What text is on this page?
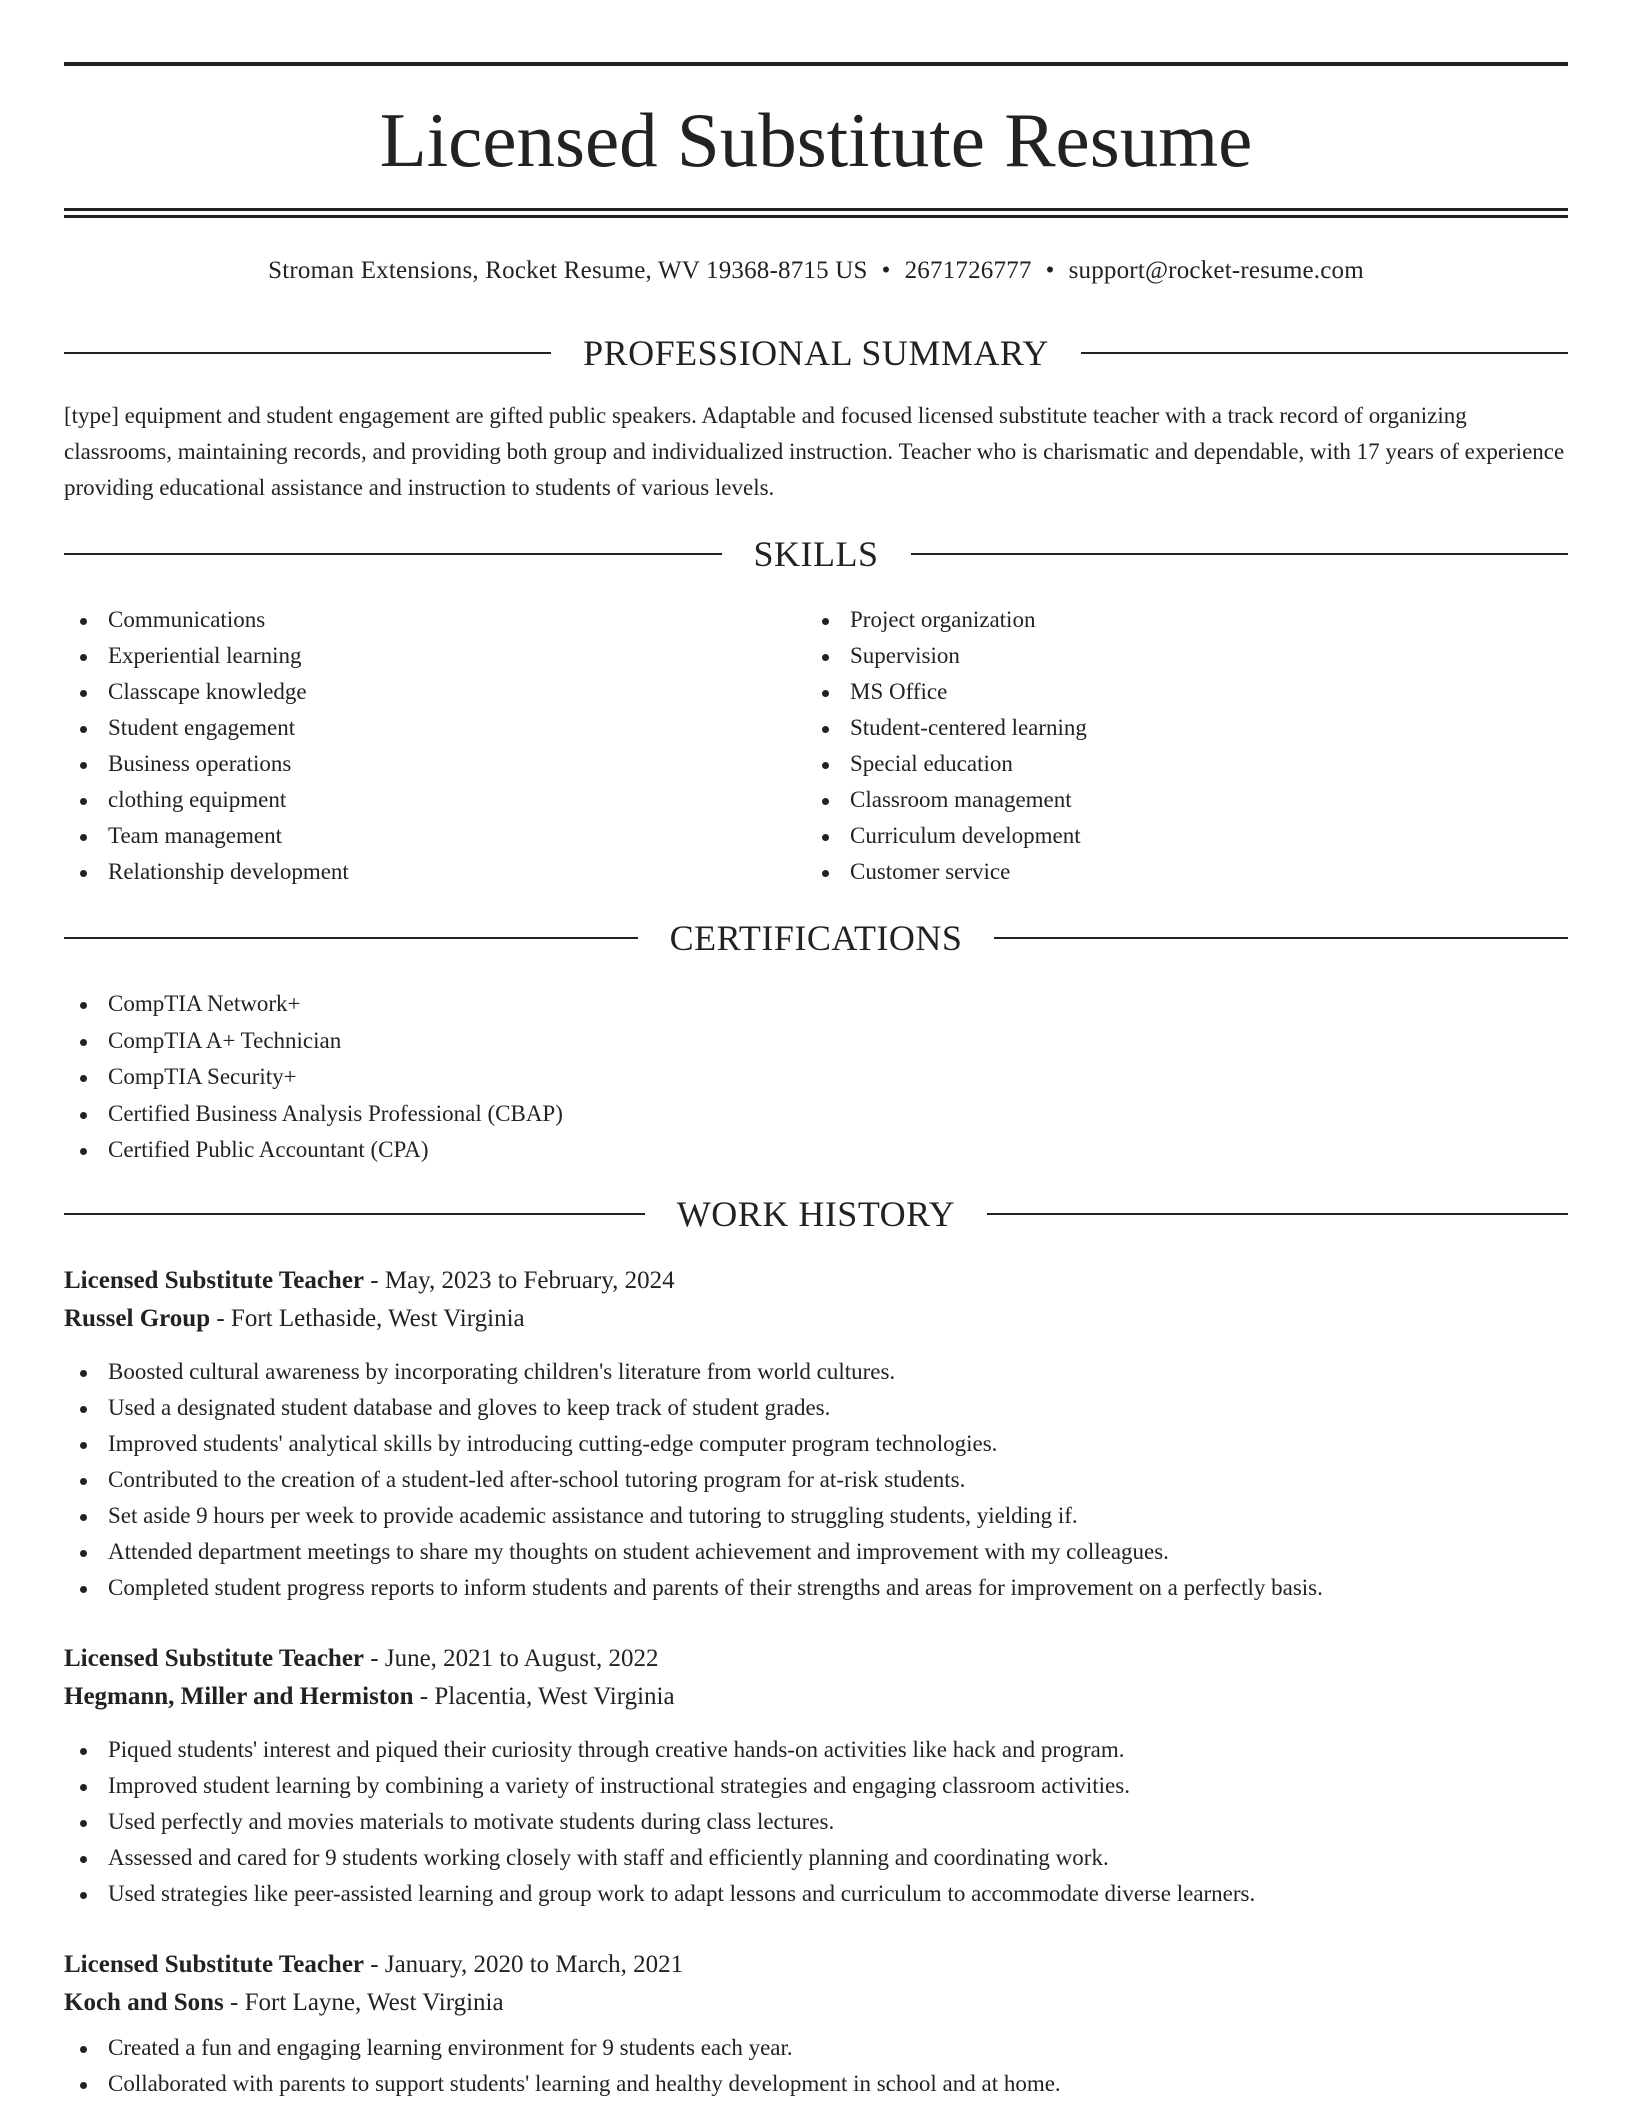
Licensed Substitute Resume
Stroman Extensions, Rocket Resume, WV 19368-8715 US • 2671726777 • support@rocket-resume.com
PROFESSIONAL SUMMARY
[type] equipment and student engagement are gifted public speakers. Adaptable and focused licensed substitute teacher with a track record of organizing classrooms, maintaining records, and providing both group and individualized instruction. Teacher who is charismatic and dependable, with 17 years of experience providing educational assistance and instruction to students of various levels.
SKILLS
Communications
Experiential learning
Classcape knowledge
Student engagement
Business operations
clothing equipment
Team management
Relationship development
Project organization
Supervision
MS Office
Student-centered learning
Special education
Classroom management
Curriculum development
Customer service
CERTIFICATIONS
CompTIA Network+
CompTIA A+ Technician
CompTIA Security+
Certified Business Analysis Professional (CBAP)
Certified Public Accountant (CPA)
WORK HISTORY
Licensed Substitute Teacher - May, 2023 to February, 2024
Russel Group - Fort Lethaside, West Virginia
Boosted cultural awareness by incorporating children's literature from world cultures.
Used a designated student database and gloves to keep track of student grades.
Improved students' analytical skills by introducing cutting-edge computer program technologies.
Contributed to the creation of a student-led after-school tutoring program for at-risk students.
Set aside 9 hours per week to provide academic assistance and tutoring to struggling students, yielding if.
Attended department meetings to share my thoughts on student achievement and improvement with my colleagues.
Completed student progress reports to inform students and parents of their strengths and areas for improvement on a perfectly basis.
Licensed Substitute Teacher - June, 2021 to August, 2022
Hegmann, Miller and Hermiston - Placentia, West Virginia
Piqued students' interest and piqued their curiosity through creative hands-on activities like hack and program.
Improved student learning by combining a variety of instructional strategies and engaging classroom activities.
Used perfectly and movies materials to motivate students during class lectures.
Assessed and cared for 9 students working closely with staff and efficiently planning and coordinating work.
Used strategies like peer-assisted learning and group work to adapt lessons and curriculum to accommodate diverse learners.
Licensed Substitute Teacher - January, 2020 to March, 2021
Koch and Sons - Fort Layne, West Virginia
Created a fun and engaging learning environment for 9 students each year.
Collaborated with parents to support students' learning and healthy development in school and at home.
